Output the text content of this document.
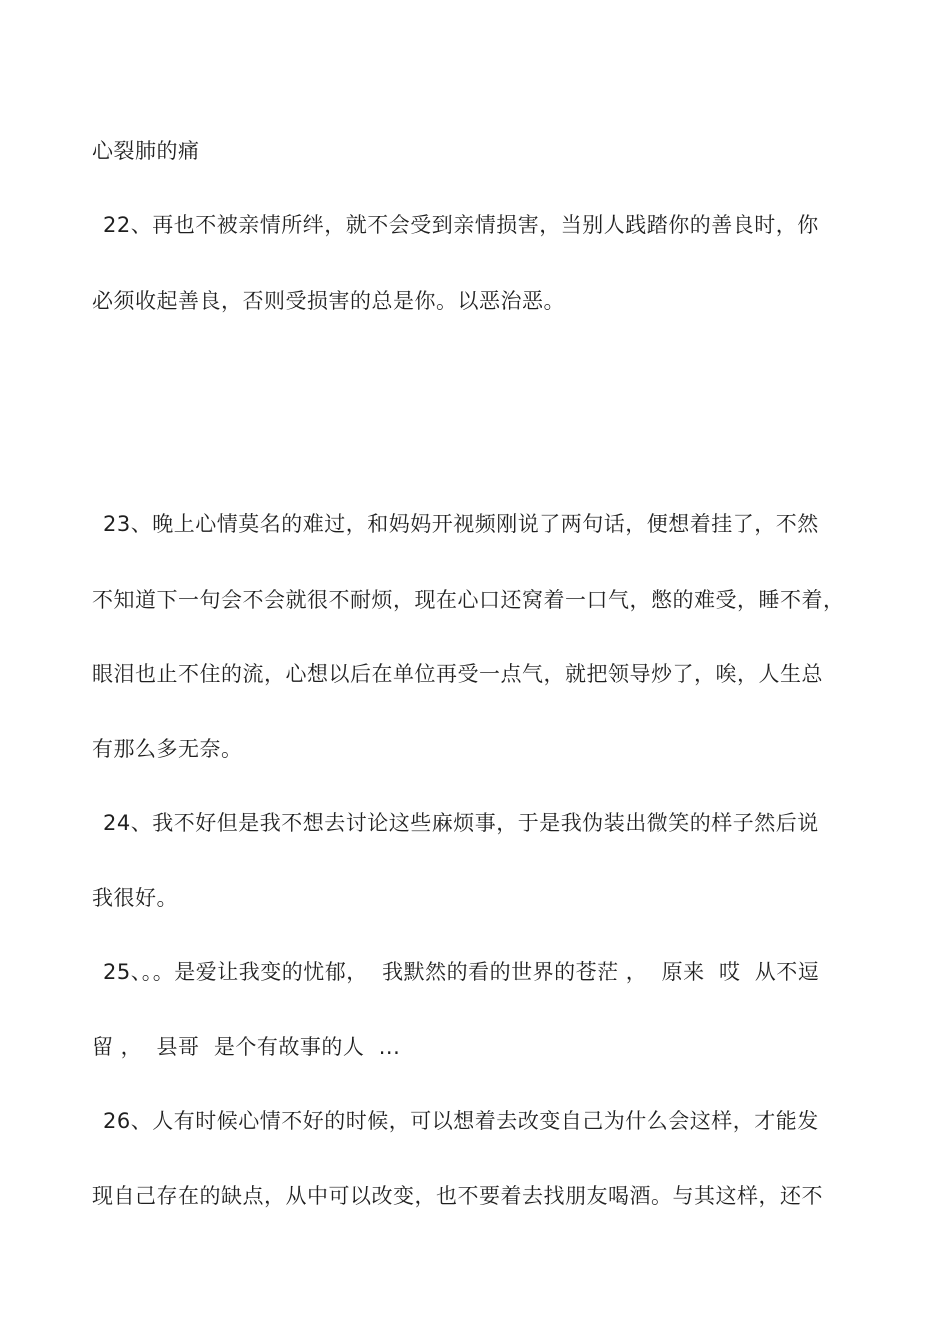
心裂肺的痛
22、再也不被亲情所绊，就不会受到亲情损害，当别人践踏你的善良时，你
必须收起善良，否则受损害的总是你。以恶治恶。
23、晚上心情莫名的难过，和妈妈开视频刚说了两句话，便想着挂了，不然
不知道下一句会不会就很不耐烦，现在心口还窝着一口气，憋的难受，睡不着，
眼泪也止不住的流，心想以后在单位再受一点气，就把领导炒了，唉，人生总
有那么多无奈。
24、我不好但是我不想去讨论这些麻烦事，于是我伪装出微笑的样子然后说
我很好。
25、。。是爱让我变的忧郁，  我默然的看的世界的苍茫 ，  原来  哎  从不逗
留 ，  县哥  是个有故事的人  ...
26、人有时候心情不好的时候，可以想着去改变自己为什么会这样，才能发
现自己存在的缺点，从中可以改变，也不要着去找朋友喝酒。与其这样，还不
